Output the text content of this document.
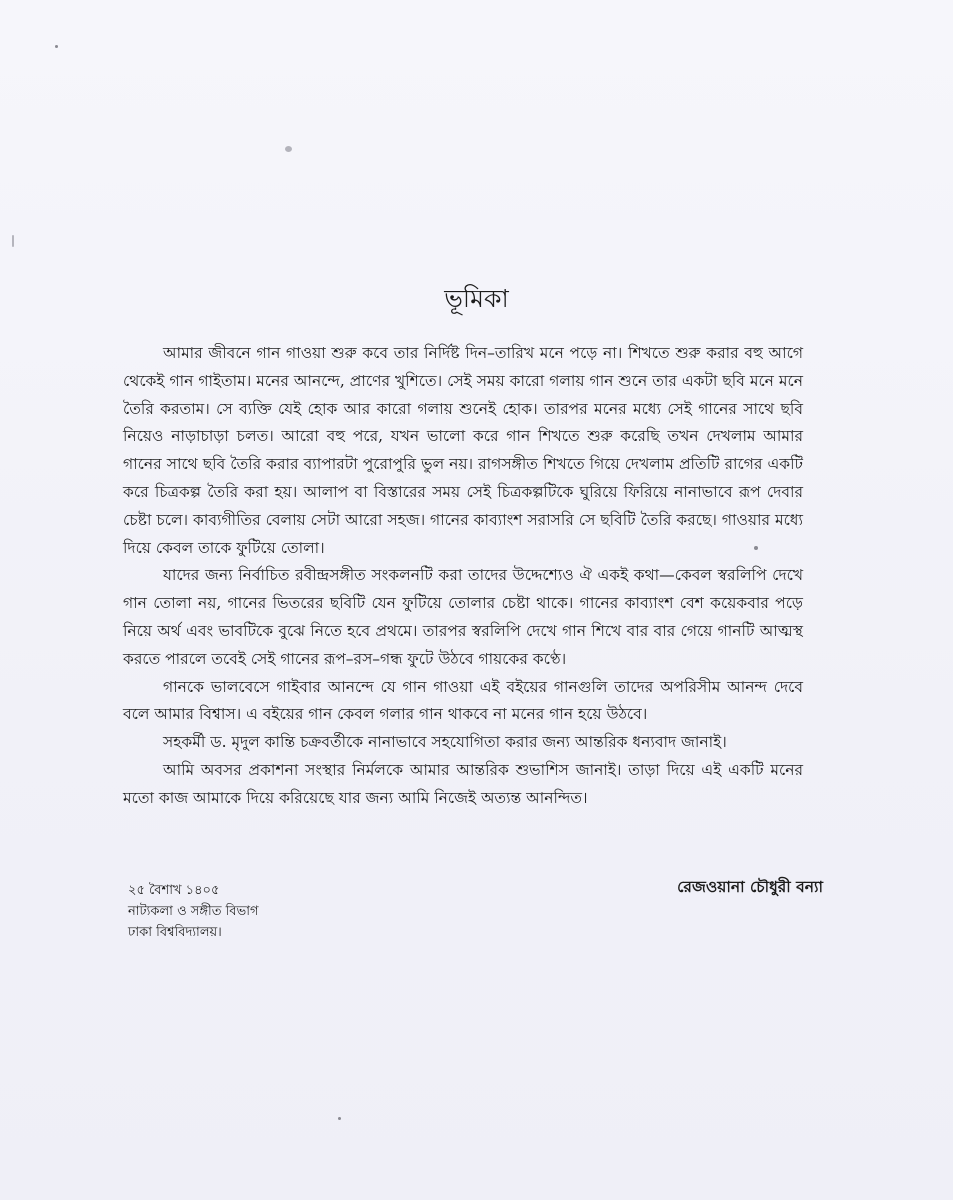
ভূমিকা

আমার জীবনে গান গাওয়া শুরু কবে তার নির্দিষ্ট দিন–তারিখ মনে পড়ে না। শিখতে শুরু করার বহু আগে থেকেই গান গাইতাম। মনের আনন্দে, প্রাণের খুশিতে। সেই সময় কারো গলায় গান শুনে তার একটা ছবি মনে মনে তৈরি করতাম। সে ব্যক্তি যেই হোক আর কারো গলায় শুনেই হোক। তারপর মনের মধ্যে সেই গানের সাথে ছবি নিয়েও নাড়াচাড়া চলত। আরো বহু পরে, যখন ভালো করে গান শিখতে শুরু করেছি তখন দেখলাম আমার গানের সাথে ছবি তৈরি করার ব্যাপারটা পুরোপুরি ভুল নয়। রাগসঙ্গীত শিখতে গিয়ে দেখলাম প্রতিটি রাগের একটি করে চিত্রকল্প তৈরি করা হয়। আলাপ বা বিস্তারের সময় সেই চিত্রকল্পটিকে ঘুরিয়ে ফিরিয়ে নানাভাবে রূপ দেবার চেষ্টা চলে। কাব্যগীতির বেলায় সেটা আরো সহজ। গানের কাব্যাংশ সরাসরি সে ছবিটি তৈরি করছে। গাওয়ার মধ্যে দিয়ে কেবল তাকে ফুটিয়ে তোলা।

যাদের জন্য নির্বাচিত রবীন্দ্রসঙ্গীত সংকলনটি করা তাদের উদ্দেশ্যেও ঐ একই কথা—কেবল স্বরলিপি দেখে গান তোলা নয়, গানের ভিতরের ছবিটি যেন ফুটিয়ে তোলার চেষ্টা থাকে। গানের কাব্যাংশ বেশ কয়েকবার পড়ে নিয়ে অর্থ এবং ভাবটিকে বুঝে নিতে হবে প্রথমে। তারপর স্বরলিপি দেখে গান শিখে বার বার গেয়ে গানটি আত্মস্থ করতে পারলে তবেই সেই গানের রূপ–রস–গন্ধ ফুটে উঠবে গায়কের কণ্ঠে।

গানকে ভালবেসে গাইবার আনন্দে যে গান গাওয়া এই বইয়ের গানগুলি তাদের অপরিসীম আনন্দ দেবে বলে আমার বিশ্বাস। এ বইয়ের গান কেবল গলার গান থাকবে না মনের গান হয়ে উঠবে।

সহকর্মী ড. মৃদুল কান্তি চক্রবর্তীকে নানাভাবে সহযোগিতা করার জন্য আন্তরিক ধন্যবাদ জানাই।

আমি অবসর প্রকাশনা সংস্থার নির্মলকে আমার আন্তরিক শুভাশিস জানাই। তাড়া দিয়ে এই একটি মনের মতো কাজ আমাকে দিয়ে করিয়েছে যার জন্য আমি নিজেই অত্যন্ত আনন্দিত।

২৫ বৈশাখ ১৪০৫
নাট্যকলা ও সঙ্গীত বিভাগ
ঢাকা বিশ্ববিদ্যালয়।
রেজওয়ানা চৌধুরী বন্যা
